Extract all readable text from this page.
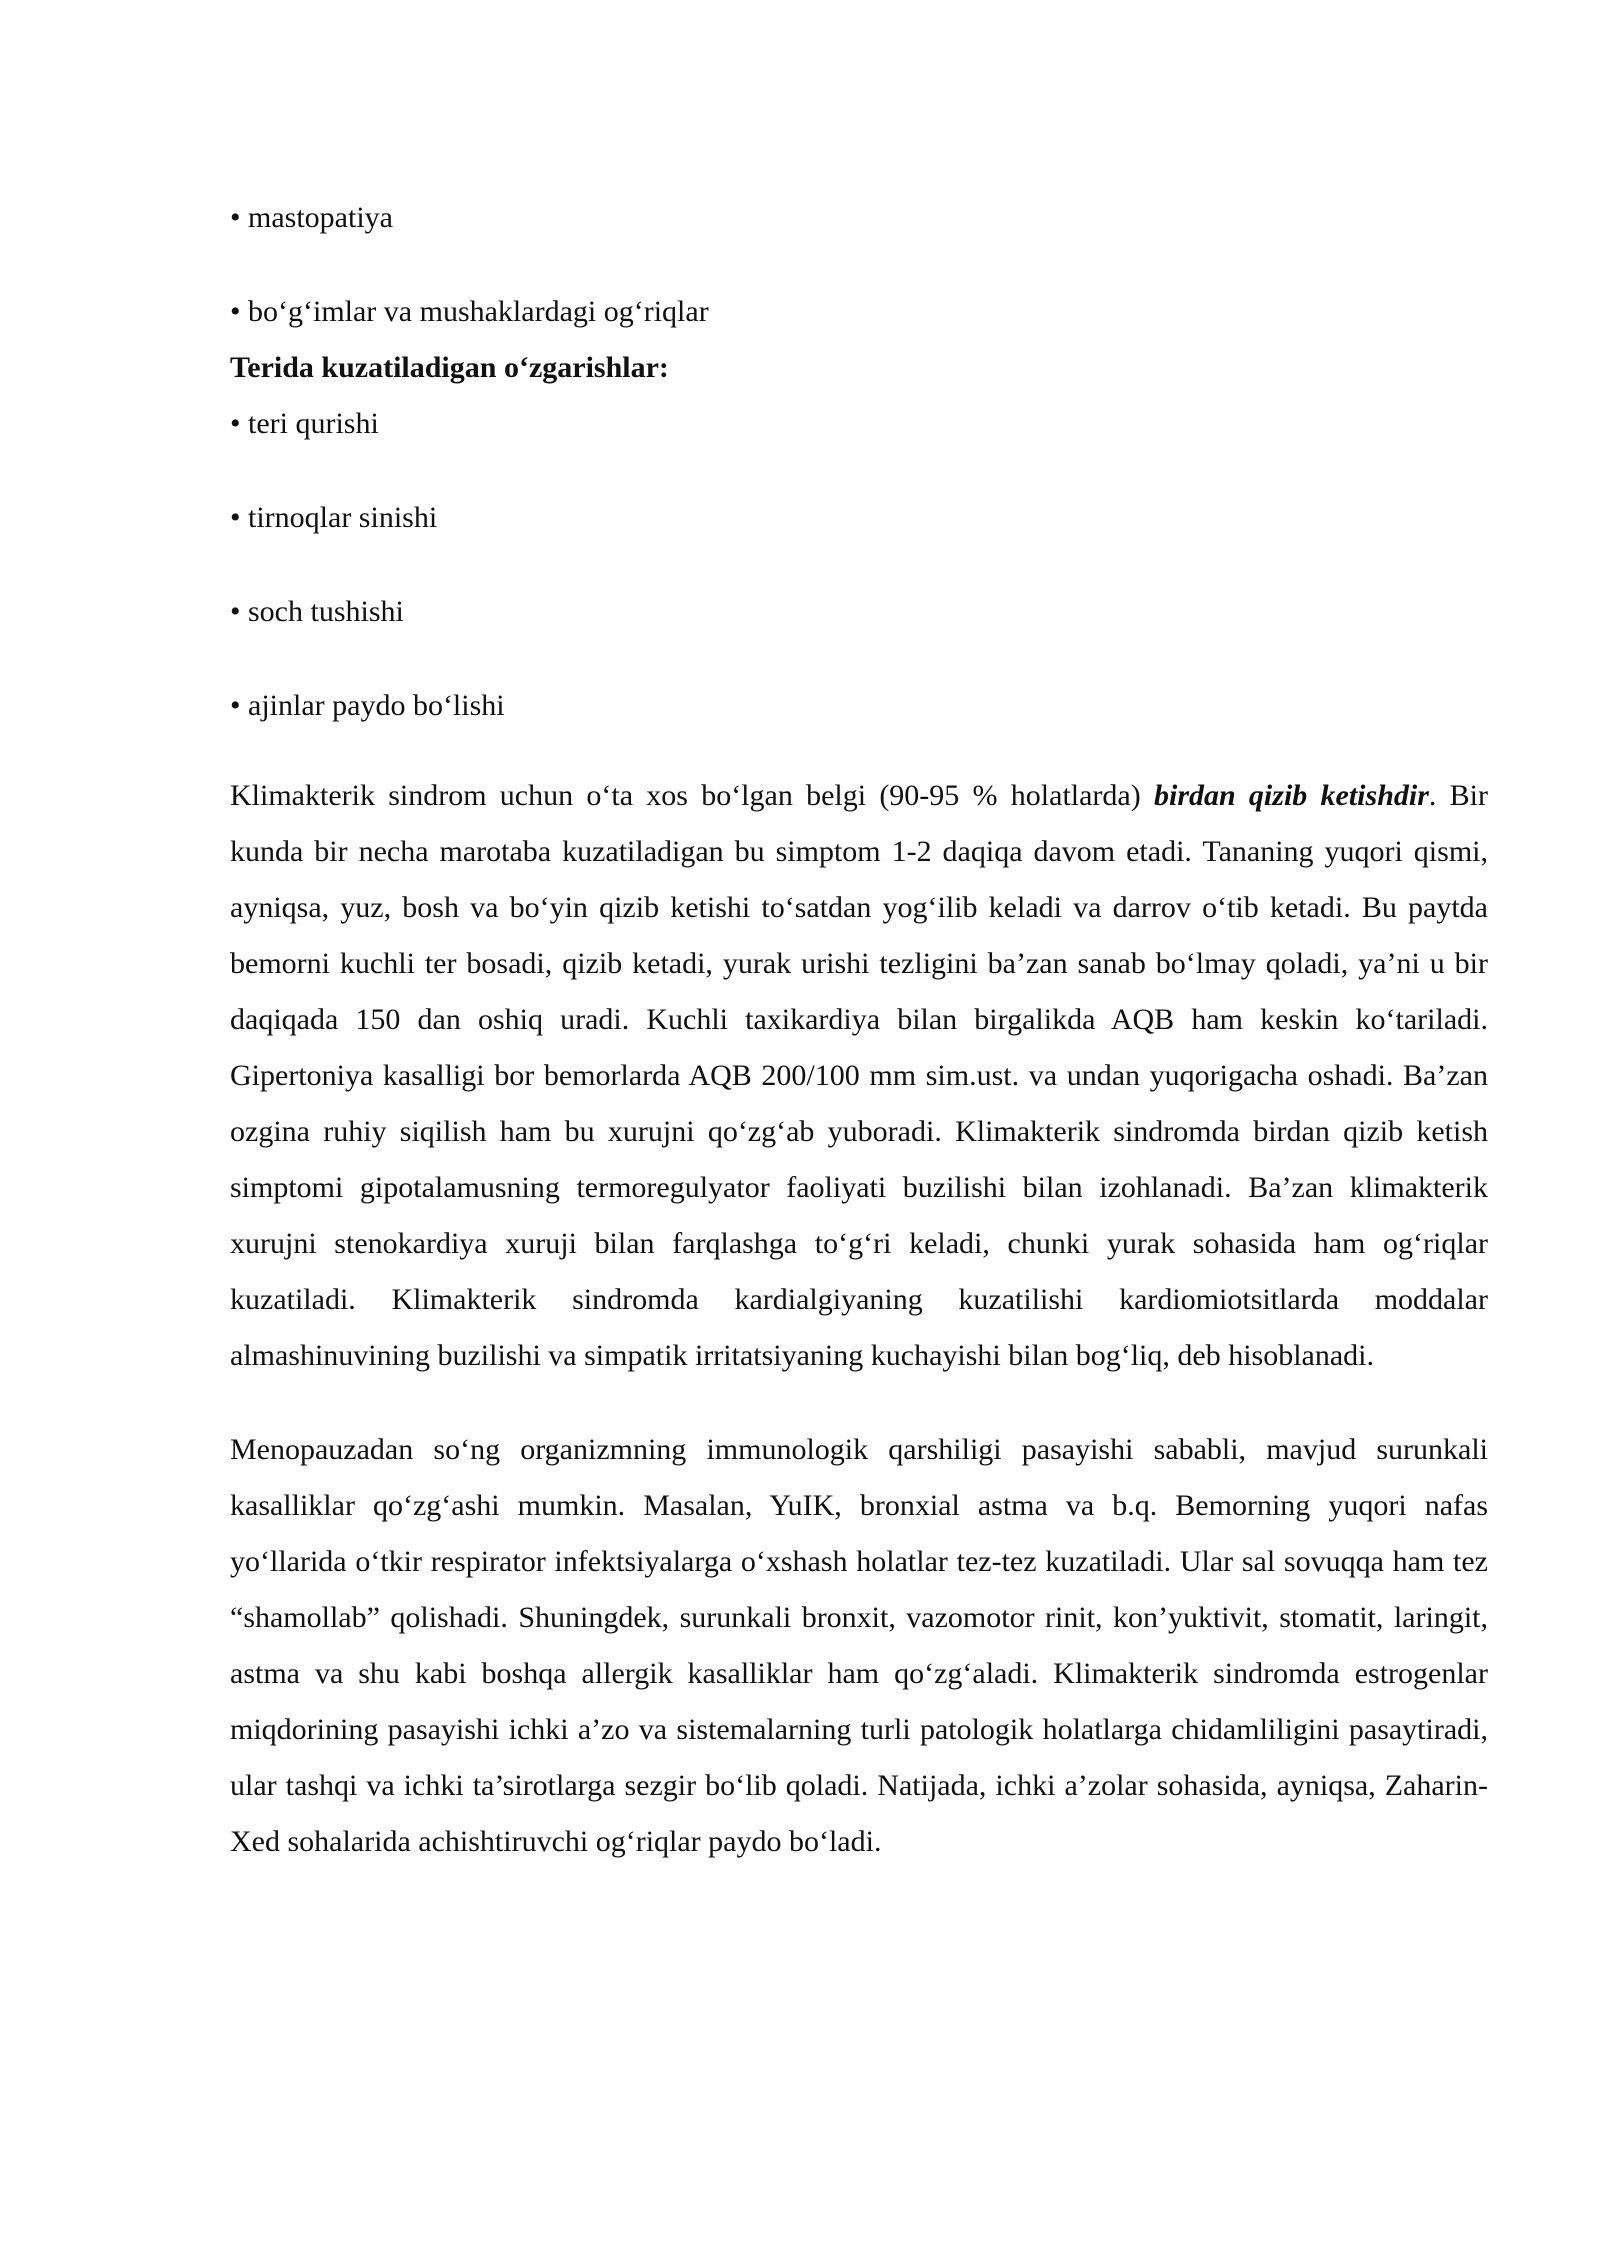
• mastopatiya

• bo‘g‘imlar va mushaklardagi og‘riqlar

Terida kuzatiladigan o‘zgarishlar:

• teri qurishi

• tirnoqlar sinishi

• soch tushishi

• ajinlar paydo bo‘lishi

Klimakterik sindrom uchun o‘ta xos bo‘lgan belgi (90-95 % holatlarda) birdan qizib ketishdir. Bir kunda bir necha marotaba kuzatiladigan bu simptom 1-2 daqiqa davom etadi. Tananing yuqori qismi, ayniqsa, yuz, bosh va bo‘yin qizib ketishi to‘satdan yog‘ilib keladi va darrov o‘tib ketadi. Bu paytda bemorni kuchli ter bosadi, qizib ketadi, yurak urishi tezligini ba’zan sanab bo‘lmay qoladi, ya’ni u bir daqiqada 150 dan oshiq uradi. Kuchli taxikardiya bilan birgalikda AQB ham keskin ko‘tariladi. Gipertoniya kasalligi bor bemorlarda AQB 200/100 mm sim.ust. va undan yuqorigacha oshadi. Ba’zan ozgina ruhiy siqilish ham bu xurujni qo‘zg‘ab yuboradi. Klimakterik sindromda birdan qizib ketish simptomi gipotalamusning termoregulyator faoliyati buzilishi bilan izohlanadi. Ba’zan klimakterik xurujni stenokardiya xuruji bilan farqlashga to‘g‘ri keladi, chunki yurak sohasida ham og‘riqlar kuzatiladi. Klimakterik sindromda kardialgiyaning kuzatilishi kardiomiotsitlarda moddalar almashinuvining buzilishi va simpatik irritatsiyaning kuchayishi bilan bog‘liq, deb hisoblanadi.

Menopauzadan so‘ng organizmning immunologik qarshiligi pasayishi sababli, mavjud surunkali kasalliklar qo‘zg‘ashi mumkin. Masalan, YuIK, bronxial astma va b.q. Bemorning yuqori nafas yo‘llarida o‘tkir respirator infektsiyalarga o‘xshash holatlar tez-tez kuzatiladi. Ular sal sovuqqa ham tez “shamollab” qolishadi. Shuningdek, surunkali bronxit, vazomotor rinit, kon’yuktivit, stomatit, laringit, astma va shu kabi boshqa allergik kasalliklar ham qo‘zg‘aladi. Klimakterik sindromda estrogenlar miqdorining pasayishi ichki a’zo va sistemalarning turli patologik holatlarga chidamliligini pasaytiradi, ular tashqi va ichki ta’sirotlarga sezgir bo‘lib qoladi. Natijada, ichki a’zolar sohasida, ayniqsa, Zaharin-Xed sohalarida achishtiruvchi og‘riqlar paydo bo‘ladi.
